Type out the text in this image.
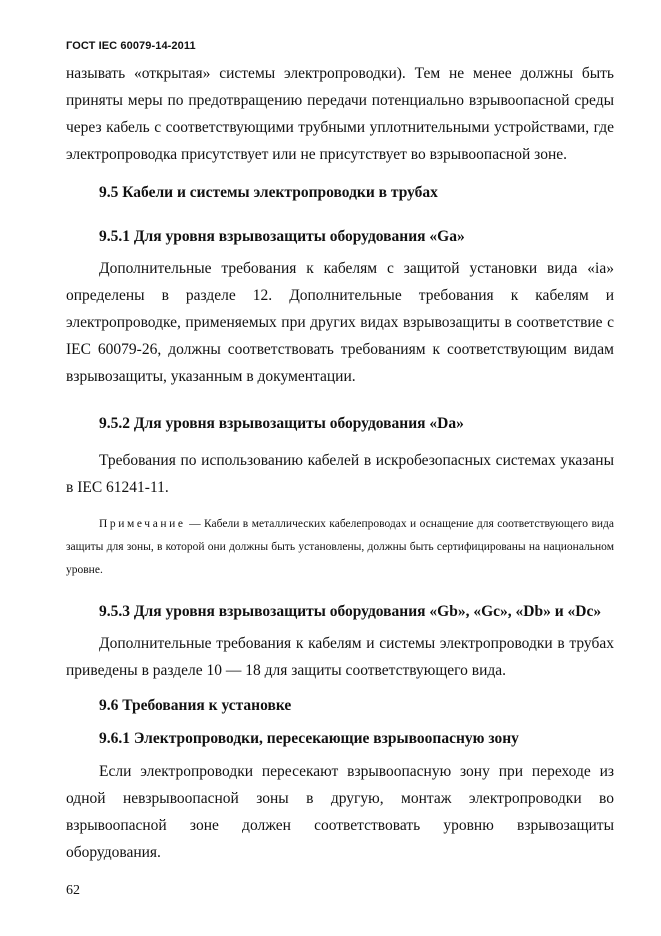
ГОСТ IEC 60079-14-2011

называть «открытая» системы электропроводки). Тем не менее должны быть приняты меры по предотвращению передачи потенциально взрывоопасной среды через кабель с соответствующими трубными уплотнительными устройствами, где электропроводка присутствует или не присутствует во взрывоопасной зоне.

9.5 Кабели и системы электропроводки в трубах
9.5.1 Для уровня взрывозащиты оборудования «Ga»

Дополнительные требования к кабелям с защитой установки вида «ia» определены в разделе 12. Дополнительные требования к кабелям и электропроводке, применяемых при других видах взрывозащиты в соответствие с IEC 60079-26, должны соответствовать требованиям к соответствующим видам взрывозащиты, указанным в документации.

9.5.2 Для уровня взрывозащиты оборудования «Da»

Требования по использованию кабелей в искробезопасных системах указаны в IEC 61241-11.

Примечание — Кабели в металлических кабелепроводах и оснащение для соответствующего вида защиты для зоны, в которой они должны быть установлены, должны быть сертифицированы на национальном уровне.

9.5.3 Для уровня взрывозащиты оборудования «Gb», «Gc», «Db» и «Dc»

Дополнительные требования к кабелям и системы электропроводки в трубах приведены в разделе 10 — 18 для защиты соответствующего вида.

9.6 Требования к установке
9.6.1 Электропроводки, пересекающие взрывоопасную зону

Если электропроводки пересекают взрывоопасную зону при переходе из одной невзрывоопасной зоны в другую, монтаж электропроводки во взрывоопасной зоне должен соответствовать уровню взрывозащиты оборудования.

62
